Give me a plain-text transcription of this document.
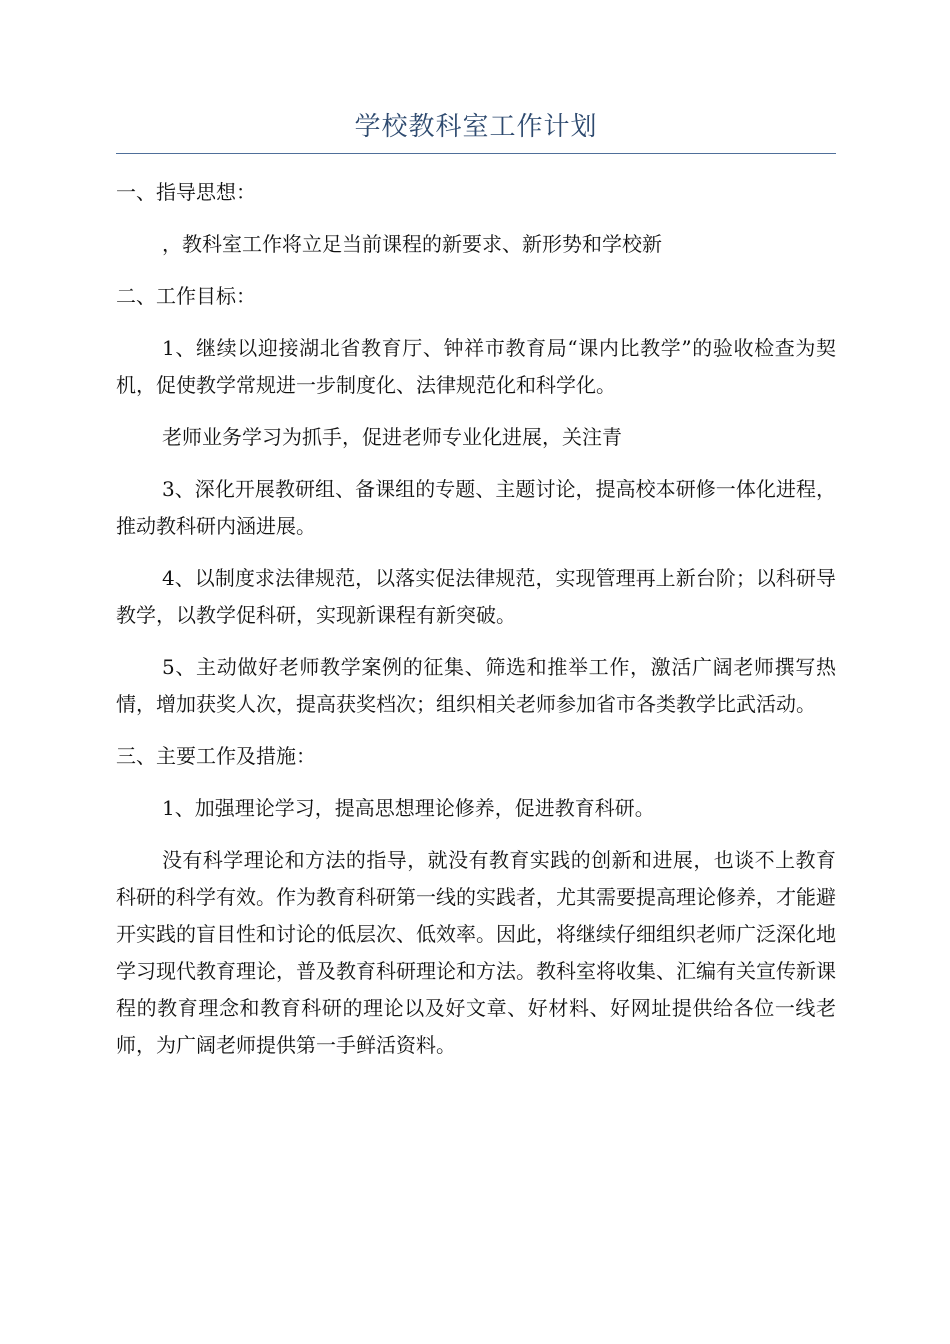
学校教科室工作计划

一、指导思想：

，教科室工作将立足当前课程的新要求、新形势和学校新

二、工作目标：

1、继续以迎接湖北省教育厅、钟祥市教育局“课内比教学”的验收检查为契机，促使教学常规进一步制度化、法律规范化和科学化。

老师业务学习为抓手，促进老师专业化进展，关注青

3、深化开展教研组、备课组的专题、主题讨论，提高校本研修一体化进程，推动教科研内涵进展。

4、以制度求法律规范，以落实促法律规范，实现管理再上新台阶；以科研导教学，以教学促科研，实现新课程有新突破。

5、主动做好老师教学案例的征集、筛选和推举工作，激活广阔老师撰写热情，增加获奖人次，提高获奖档次；组织相关老师参加省市各类教学比武活动。

三、主要工作及措施：

1、加强理论学习，提高思想理论修养，促进教育科研。

没有科学理论和方法的指导，就没有教育实践的创新和进展，也谈不上教育科研的科学有效。作为教育科研第一线的实践者，尤其需要提高理论修养，才能避开实践的盲目性和讨论的低层次、低效率。因此，将继续仔细组织老师广泛深化地学习现代教育理论，普及教育科研理论和方法。教科室将收集、汇编有关宣传新课程的教育理念和教育科研的理论以及好文章、好材料、好网址提供给各位一线老师，为广阔老师提供第一手鲜活资料。
